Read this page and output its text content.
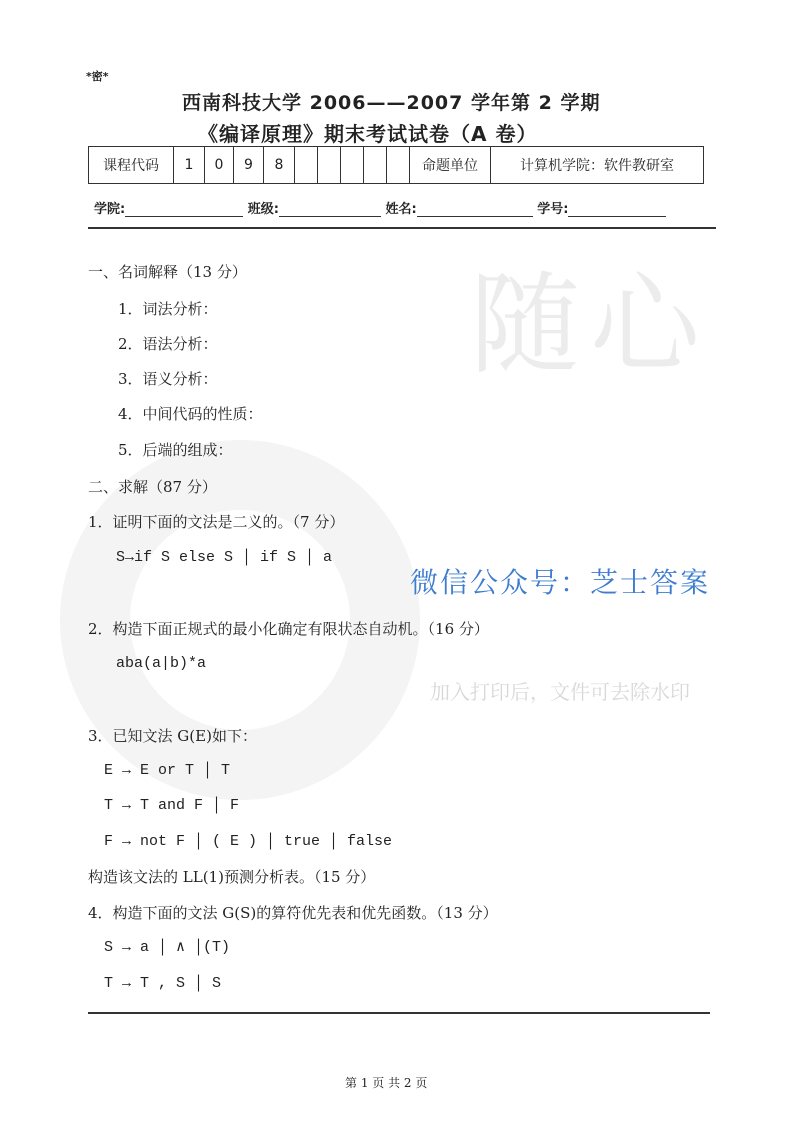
随心
微信公众号：芝士答案
加入打印后，文件可去除水印
*密*
西南科技大学 2006——2007 学年第 2 学期
《编译原理》期末考试试卷（A 卷）
课程代码	1	0	9	8						命题单位	计算机学院：软件教研室
学院:	班级:	姓名:	学号:
一、名词解释（13 分）
1．词法分析：
2．语法分析：
3．语义分析：
4．中间代码的性质：
5．后端的组成：
二、求解（87 分）
1．证明下面的文法是二义的。（7 分）
S→if S else S │ if S │ a
2．构造下面正规式的最小化确定有限状态自动机。（16 分）
aba(a|b)*a
3．已知文法 G(E)如下：
E → E or T │ T
T → T and F │ F
F → not F │ ( E ) │ true │ false
构造该文法的 LL(1)预测分析表。（15 分）
4．构造下面的文法 G(S)的算符优先表和优先函数。（13 分）
S → a │ ∧ │(T)
T → T , S │ S
第 1 页 共 2 页
